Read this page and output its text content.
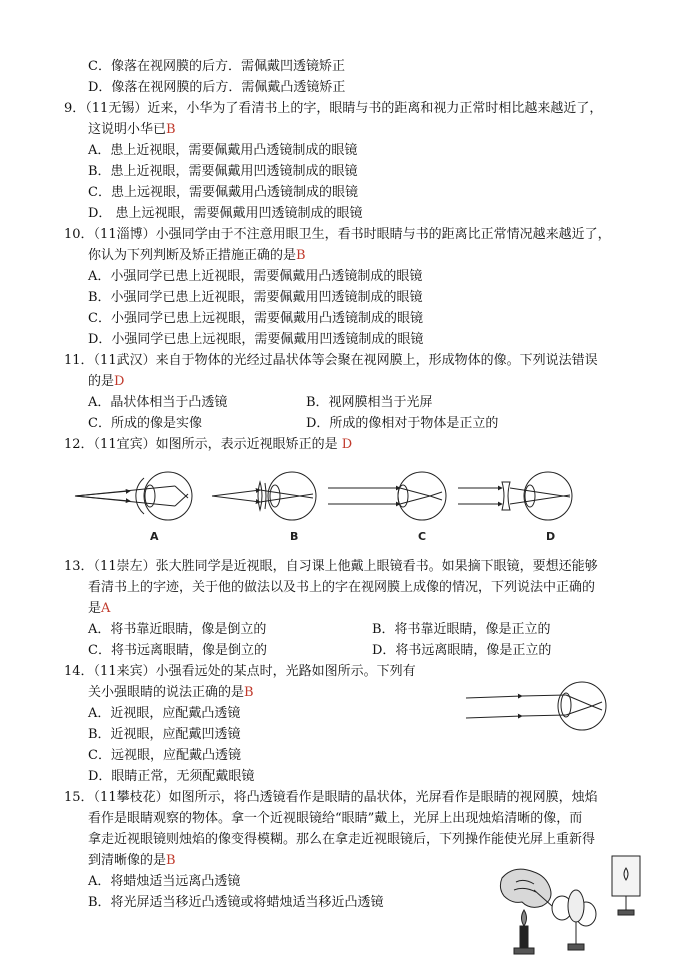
C．像落在视网膜的后方．需佩戴凹透镜矫正
D．像落在视网膜的后方．需佩戴凸透镜矫正
9．（11无锡）近来，小华为了看清书上的字，眼睛与书的距离和视力正常时相比越来越近了，
这说明小华已B
A．患上近视眼，需要佩戴用凸透镜制成的眼镜
B．患上近视眼，需要佩戴用凹透镜制成的眼镜
C．患上远视眼，需要佩戴用凸透镜制成的眼镜
D． 患上远视眼，需要佩戴用凹透镜制成的眼镜
10．（11淄博）小强同学由于不注意用眼卫生，看书时眼睛与书的距离比正常情况越来越近了，
你认为下列判断及矫正措施正确的是B
A．小强同学已患上近视眼，需要佩戴用凸透镜制成的眼镜
B．小强同学已患上近视眼，需要佩戴用凹透镜制成的眼镜
C．小强同学已患上远视眼，需要佩戴用凸透镜制成的眼镜
D．小强同学已患上远视眼，需要佩戴用凹透镜制成的眼镜
11．（11武汉）来自于物体的光经过晶状体等会聚在视网膜上，形成物体的像。下列说法错误
的是D
A．晶状体相当于凸透镜	B．视网膜相当于光屏
C．所成的像是实像	D．所成的像相对于物体是正立的
12．（11宜宾）如图所示，表示近视眼矫正的是 D
A	B	C	D
13．（11崇左）张大胜同学是近视眼，自习课上他戴上眼镜看书。如果摘下眼镜，要想还能够
看清书上的字迹，关于他的做法以及书上的字在视网膜上成像的情况，下列说法中正确的
是A
A．将书靠近眼睛，像是倒立的	B．将书靠近眼睛，像是正立的
C．将书远离眼睛，像是倒立的	D．将书远离眼睛，像是正立的
14．（11来宾）小强看远处的某点时，光路如图所示。下列有
关小强眼睛的说法正确的是B
A．近视眼，应配戴凸透镜
B．近视眼，应配戴凹透镜
C．远视眼，应配戴凸透镜
D．眼睛正常，无须配戴眼镜
15．（11攀枝花）如图所示，将凸透镜看作是眼睛的晶状体，光屏看作是眼睛的视网膜，烛焰
看作是眼睛观察的物体。拿一个近视眼镜给“眼睛”戴上，光屏上出现烛焰清晰的像，而
拿走近视眼镜则烛焰的像变得模糊。那么在拿走近视眼镜后，下列操作能使光屏上重新得
到清晰像的是B
A．将蜡烛适当远离凸透镜
B．将光屏适当移近凸透镜或将蜡烛适当移近凸透镜
